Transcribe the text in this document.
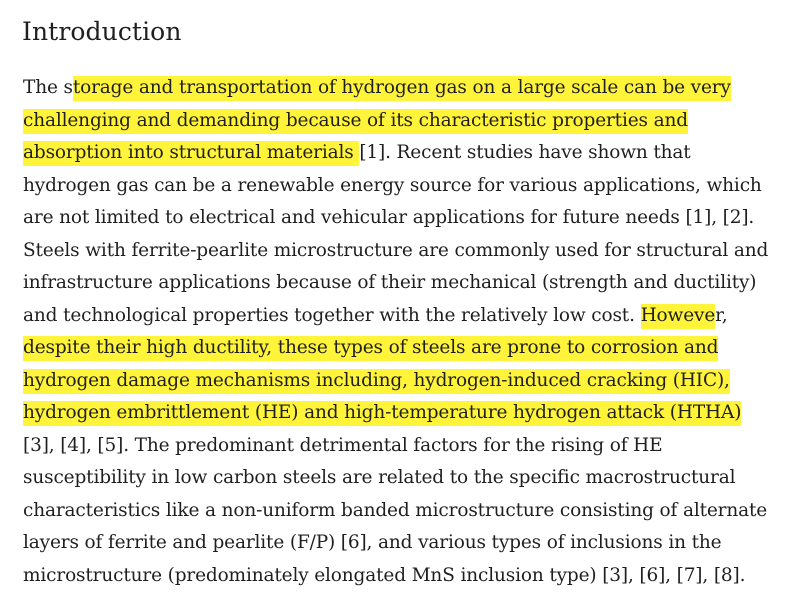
Introduction
The storage and transportation of hydrogen gas on a large scale can be very
challenging and demanding because of its characteristic properties and
absorption into structural materials [1]. Recent studies have shown that
hydrogen gas can be a renewable energy source for various applications, which
are not limited to electrical and vehicular applications for future needs [1], [2].
Steels with ferrite-pearlite microstructure are commonly used for structural and
infrastructure applications because of their mechanical (strength and ductility)
and technological properties together with the relatively low cost. However,
despite their high ductility, these types of steels are prone to corrosion and
hydrogen damage mechanisms including, hydrogen-induced cracking (HIC),
hydrogen embrittlement (HE) and high-temperature hydrogen attack (HTHA)
[3], [4], [5]. The predominant detrimental factors for the rising of HE
susceptibility in low carbon steels are related to the specific macrostructural
characteristics like a non-uniform banded microstructure consisting of alternate
layers of ferrite and pearlite (F/P) [6], and various types of inclusions in the
microstructure (predominately elongated MnS inclusion type) [3], [6], [7], [8].
